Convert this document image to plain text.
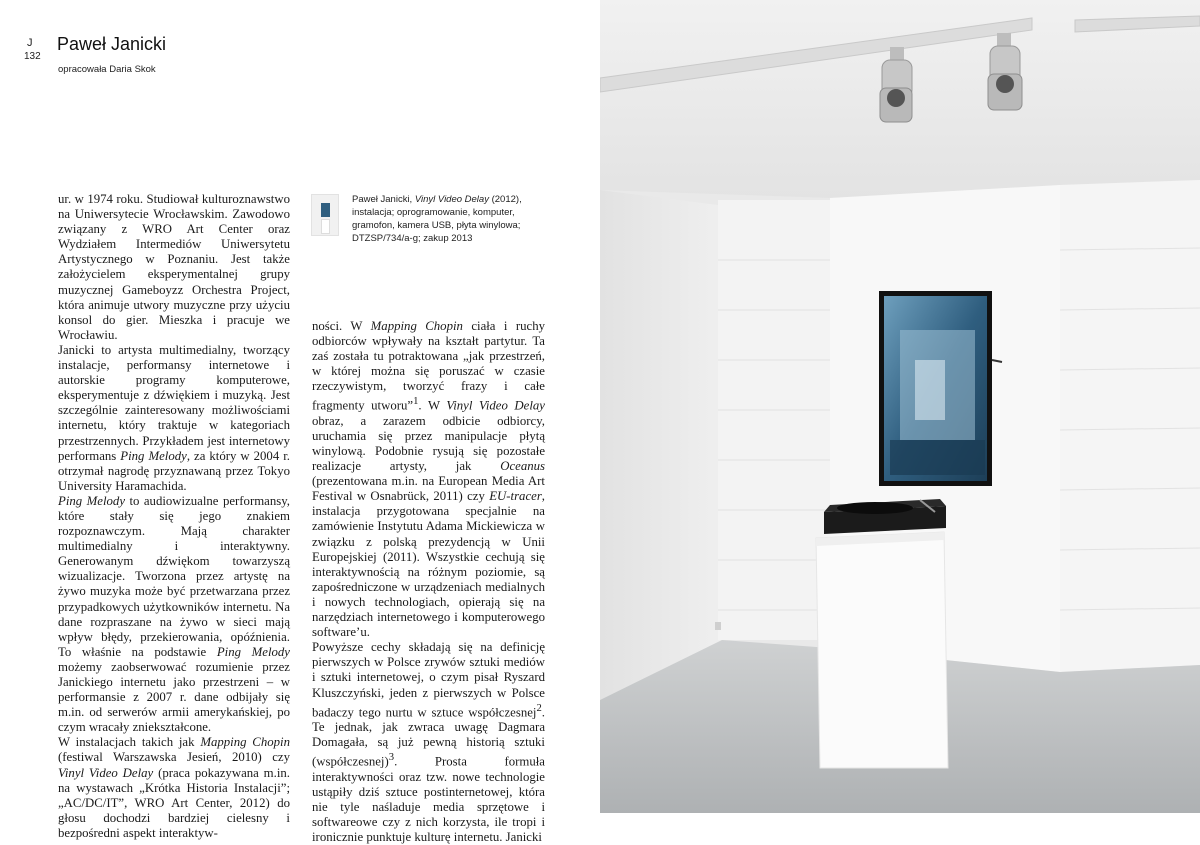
J
132
Paweł Janicki
opracowała Daria Skok

Paweł Janicki, Vinyl Video Delay (2012),

instalacja; oprogramowanie, komputer,

gramofon, kamera USB, płyta winylowa;

DTZSP/734/a-g; zakup 2013

ur. w 1974 roku. Studiował kulturoznawstwo na Uniwersytecie Wrocławskim. Zawodowo związany z WRO Art Center oraz Wydziałem Intermediów Uniwersytetu Artystycznego w Poznaniu. Jest także założycielem eksperymentalnej grupy muzycznej Gameboyzz Orchestra Project, która animuje utwory muzyczne przy użyciu konsol do gier. Mieszka i pracuje we Wrocławiu.

Janicki to artysta multimedialny, tworzący instalacje, performansy internetowe i autorskie programy komputerowe, eksperymentuje z dźwiękiem i muzyką. Jest szczególnie zainteresowany możliwościami internetu, który traktuje w kategoriach przestrzennych. Przykładem jest internetowy performans Ping Melody, za który w 2004 r. otrzymał nagrodę przyznawaną przez Tokyo University Haramachida.

Ping Melody to audiowizualne performansy, które stały się jego znakiem rozpoznawczym. Mają charakter multimedialny i interaktywny. Generowanym dźwiękom towarzyszą wizualizacje. Tworzona przez artystę na żywo muzyka może być przetwarzana przez przypadkowych użytkowników internetu. Na dane rozpraszane na żywo w sieci mają wpływ błędy, przekierowania, opóźnienia. To właśnie na podstawie Ping Melody możemy zaobserwować rozumienie przez Janickiego internetu jako przestrzeni – w performansie z 2007 r. dane odbijały się m.in. od serwerów armii amerykańskiej, po czym wracały zniekształcone.

W instalacjach takich jak Mapping Chopin (festiwal Warszawska Jesień, 2010) czy Vinyl Video Delay (praca pokazywana m.in. na wystawach „Krótka Historia Instalacji”; „AC/DC/IT”, WRO Art Center, 2012) do głosu dochodzi bardziej cielesny i bezpośredni aspekt interaktyw-

ności. W Mapping Chopin ciała i ruchy odbiorców wpływały na kształt partytur. Ta zaś została tu potraktowana „jak przestrzeń, w której można się poruszać w czasie rzeczywistym, tworzyć frazy i całe fragmenty utworu”$^1$. W Vinyl Video Delay obraz, a zarazem odbicie odbiorcy, uruchamia się przez manipulacje płytą winylową. Podobnie rysują się pozostałe realizacje artysty, jak Oceanus (prezentowana m.in. na European Media Art Festival w Osnabrück, 2011) czy EU-tracer, instalacja przygotowana specjalnie na zamówienie Instytutu Adama Mickiewicza w związku z polską prezydencją w Unii Europejskiej (2011). Wszystkie cechują się interaktywnością na różnym poziomie, są zapośredniczone w urządzeniach medialnych i nowych technologiach, opierają się na narzędziach internetowego i komputerowego software’u.

Powyższe cechy składają się na definicję pierwszych w Polsce zrywów sztuki mediów i sztuki internetowej, o czym pisał Ryszard Kluszczyński, jeden z pierwszych w Polsce badaczy tego nurtu w sztuce współczesnej$^2$. Te jednak, jak zwraca uwagę Dagmara Domagała, są już pewną historią sztuki (współczesnej)$^3$. Prosta formuła interaktywności oraz tzw. nowe technologie ustąpiły dziś sztuce postinternetowej, która nie tyle naśladuje media sprzętowe i softwareowe czy z nich korzysta, ile tropi i ironicznie punktuje kulturę internetu. Janicki
